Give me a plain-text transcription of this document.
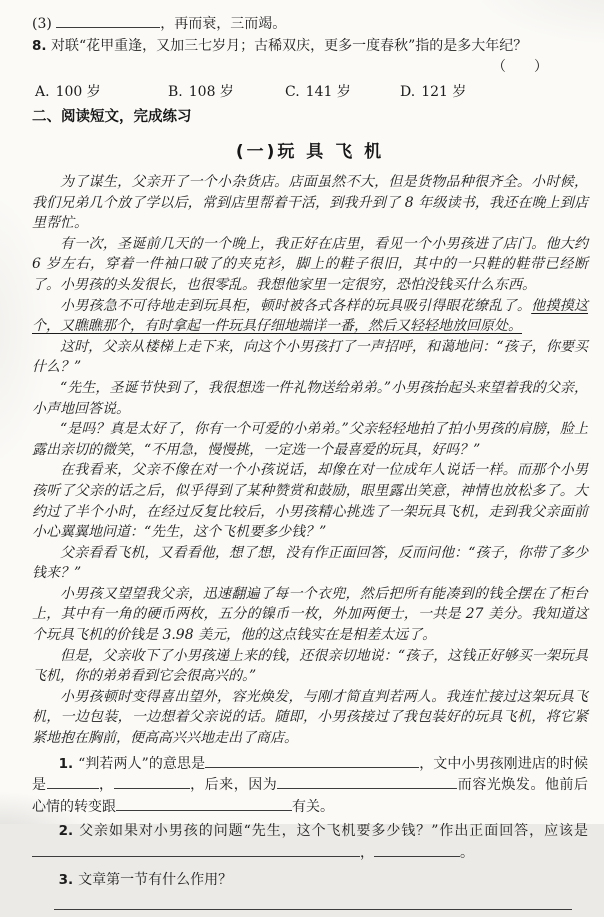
(3)	，再而衰，三而竭。
8. 对联“花甲重逢，又加三七岁月；古稀双庆，更多一度春秋”指的是多大年纪？
（　　）
A. 100 岁	B. 108 岁	C. 141 岁	D. 121 岁
二、阅读短文，完成练习
(一)玩 具 飞 机

为了谋生，父亲开了一个小杂货店。店面虽然不大，但是货物品种很齐全。小时候，我们兄弟几个放了学以后，常到店里帮着干活，到我升到了 8 年级读书，我还在晚上到店里帮忙。

有一次，圣诞前几天的一个晚上，我正好在店里，看见一个小男孩进了店门。他大约 6 岁左右，穿着一件袖口破了的夹克衫，脚上的鞋子很旧，其中的一只鞋的鞋带已经断了。小男孩的头发很长，也很零乱。我想他家里一定很穷，恐怕没钱买什么东西。

小男孩急不可待地走到玩具柜，顿时被各式各样的玩具吸引得眼花缭乱了。他摸摸这个，又瞧瞧那个，有时拿起一件玩具仔细地端详一番，然后又轻轻地放回原处。

这时，父亲从楼梯上走下来，向这个小男孩打了一声招呼，和蔼地问：“孩子，你要买什么？”

“先生，圣诞节快到了，我很想选一件礼物送给弟弟。”小男孩抬起头来望着我的父亲，小声地回答说。

“是吗？真是太好了，你有一个可爱的小弟弟。”父亲轻轻地拍了拍小男孩的肩膀，脸上露出亲切的微笑，“不用急，慢慢挑，一定选一个最喜爱的玩具，好吗？”

在我看来，父亲不像在对一个小孩说话，却像在对一位成年人说话一样。而那个小男孩听了父亲的话之后，似乎得到了某种赞赏和鼓励，眼里露出笑意，神情也放松多了。大约过了半个小时，在经过反复比较后，小男孩精心挑选了一架玩具飞机，走到我父亲面前小心翼翼地问道：“先生，这个飞机要多少钱？”

父亲看看飞机，又看看他，想了想，没有作正面回答，反而问他：“孩子，你带了多少钱来？”

小男孩又望望我父亲，迅速翻遍了每一个衣兜，然后把所有能凑到的钱全摆在了柜台上，其中有一角的硬币两枚，五分的镍币一枚，外加两便士，一共是 27 美分。我知道这个玩具飞机的价钱是 3.98 美元，他的这点钱实在是相差太远了。

但是，父亲收下了小男孩递上来的钱，还很亲切地说：“孩子，这钱正好够买一架玩具飞机，你的弟弟看到它会很高兴的。”

小男孩顿时变得喜出望外，容光焕发，与刚才简直判若两人。我连忙接过这架玩具飞机，一边包装，一边想着父亲说的话。随即，小男孩接过了我包装好的玩具飞机，将它紧紧地抱在胸前，便高高兴兴地走出了商店。

1. “判若两人”的意思是	，文中小男孩刚进店的时候是	，	，后来，因为	而容光焕发。他前后心情的转变跟	有关。

2. 父亲如果对小男孩的问题“先生，这个飞机要多少钱？”作出正面回答，应该是，	。

3. 文章第一节有什么作用？
